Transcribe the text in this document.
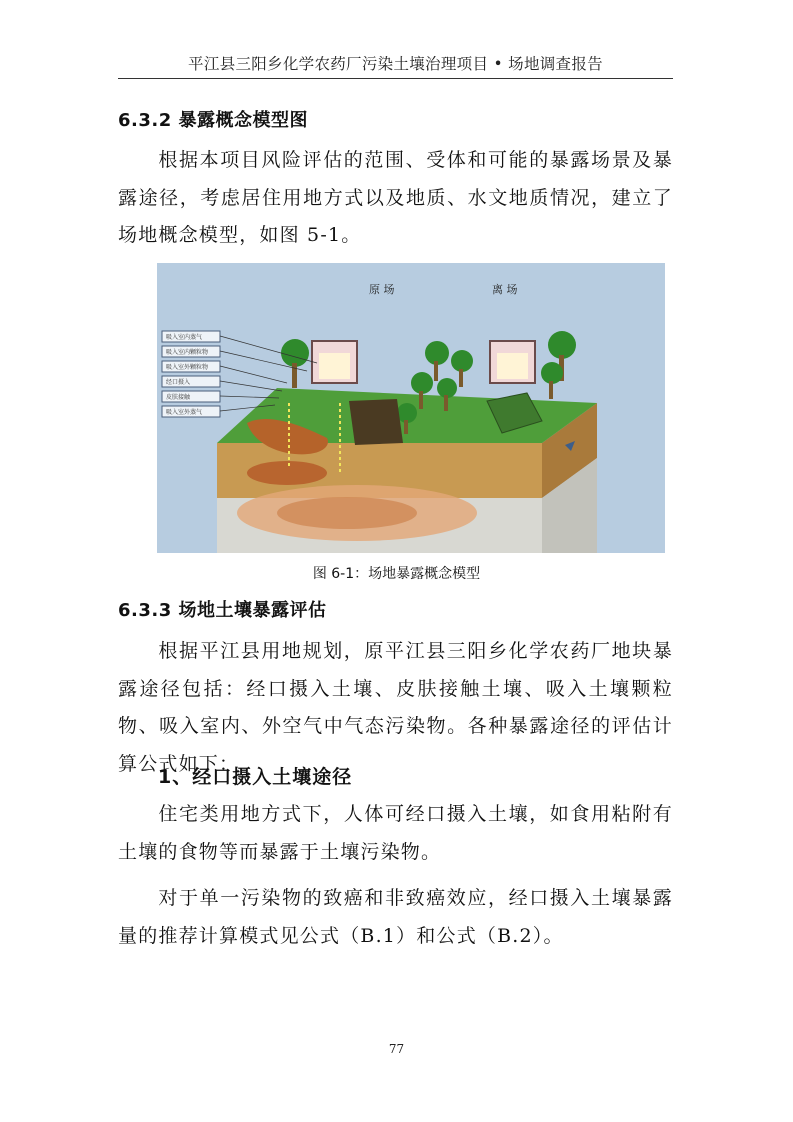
平江县三阳乡化学农药厂污染土壤治理项目 • 场地调查报告
6.3.2 暴露概念模型图

根据本项目风险评估的范围、受体和可能的暴露场景及暴露途径，考虑居住用地方式以及地质、水文地质情况，建立了场地概念模型，如图 5-1。

吸入室内蒸气
吸入室内颗粒物
吸入室外颗粒物
经口摄入
皮肤接触
吸入室外蒸气
原 场	离 场
图 6-1：场地暴露概念模型
6.3.3 场地土壤暴露评估

根据平江县用地规划，原平江县三阳乡化学农药厂地块暴露途径包括：经口摄入土壤、皮肤接触土壤、吸入土壤颗粒物、吸入室内、外空气中气态污染物。各种暴露途径的评估计算公式如下：

1、经口摄入土壤途径

住宅类用地方式下，人体可经口摄入土壤，如食用粘附有土壤的食物等而暴露于土壤污染物。

对于单一污染物的致癌和非致癌效应，经口摄入土壤暴露量的推荐计算模式见公式（B.1）和公式（B.2）。

77
